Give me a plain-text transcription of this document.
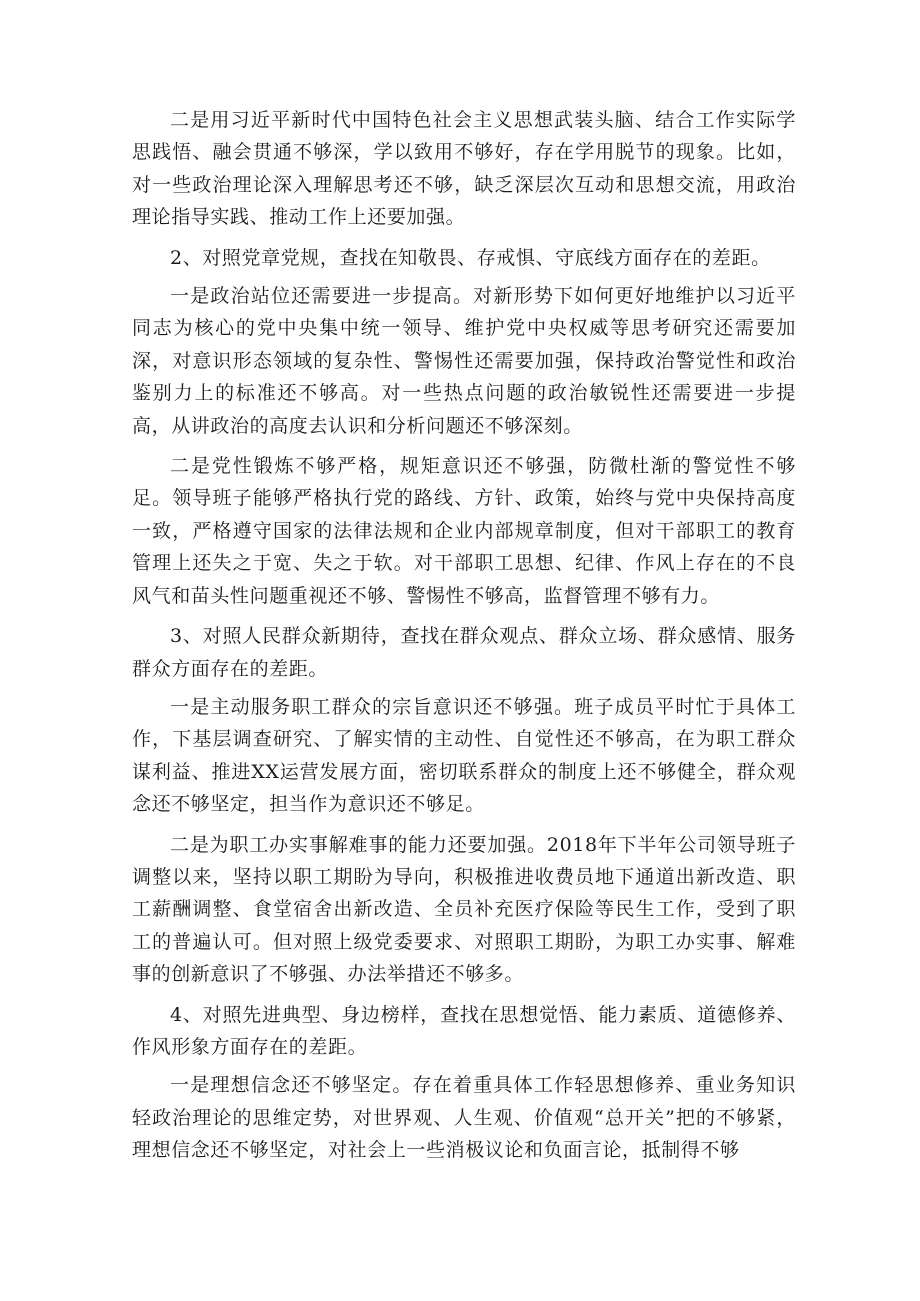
二是用习近平新时代中国特色社会主义思想武装头脑、结合工作实际学思践悟、融会贯通不够深，学以致用不够好，存在学用脱节的现象。比如，对一些政治理论深入理解思考还不够，缺乏深层次互动和思想交流，用政治理论指导实践、推动工作上还要加强。

2、对照党章党规，查找在知敬畏、存戒惧、守底线方面存在的差距。

一是政治站位还需要进一步提高。对新形势下如何更好地维护以习近平同志为核心的党中央集中统一领导、维护党中央权威等思考研究还需要加深，对意识形态领域的复杂性、警惕性还需要加强，保持政治警觉性和政治鉴别力上的标准还不够高。对一些热点问题的政治敏锐性还需要进一步提高，从讲政治的高度去认识和分析问题还不够深刻。

二是党性锻炼不够严格，规矩意识还不够强，防微杜渐的警觉性不够足。领导班子能够严格执行党的路线、方针、政策，始终与党中央保持高度一致，严格遵守国家的法律法规和企业内部规章制度，但对干部职工的教育管理上还失之于宽、失之于软。对干部职工思想、纪律、作风上存在的不良风气和苗头性问题重视还不够、警惕性不够高，监督管理不够有力。

3、对照人民群众新期待，查找在群众观点、群众立场、群众感情、服务群众方面存在的差距。

一是主动服务职工群众的宗旨意识还不够强。班子成员平时忙于具体工作，下基层调查研究、了解实情的主动性、自觉性还不够高，在为职工群众谋利益、推进XX运营发展方面，密切联系群众的制度上还不够健全，群众观念还不够坚定，担当作为意识还不够足。

二是为职工办实事解难事的能力还要加强。2018年下半年公司领导班子调整以来，坚持以职工期盼为导向，积极推进收费员地下通道出新改造、职工薪酬调整、食堂宿舍出新改造、全员补充医疗保险等民生工作，受到了职工的普遍认可。但对照上级党委要求、对照职工期盼，为职工办实事、解难事的创新意识了不够强、办法举措还不够多。

4、对照先进典型、身边榜样，查找在思想觉悟、能力素质、道德修养、作风形象方面存在的差距。

一是理想信念还不够坚定。存在着重具体工作轻思想修养、重业务知识轻政治理论的思维定势，对世界观、人生观、价值观“总开关”把的不够紧，理想信念还不够坚定，对社会上一些消极议论和负面言论，抵制得不够
